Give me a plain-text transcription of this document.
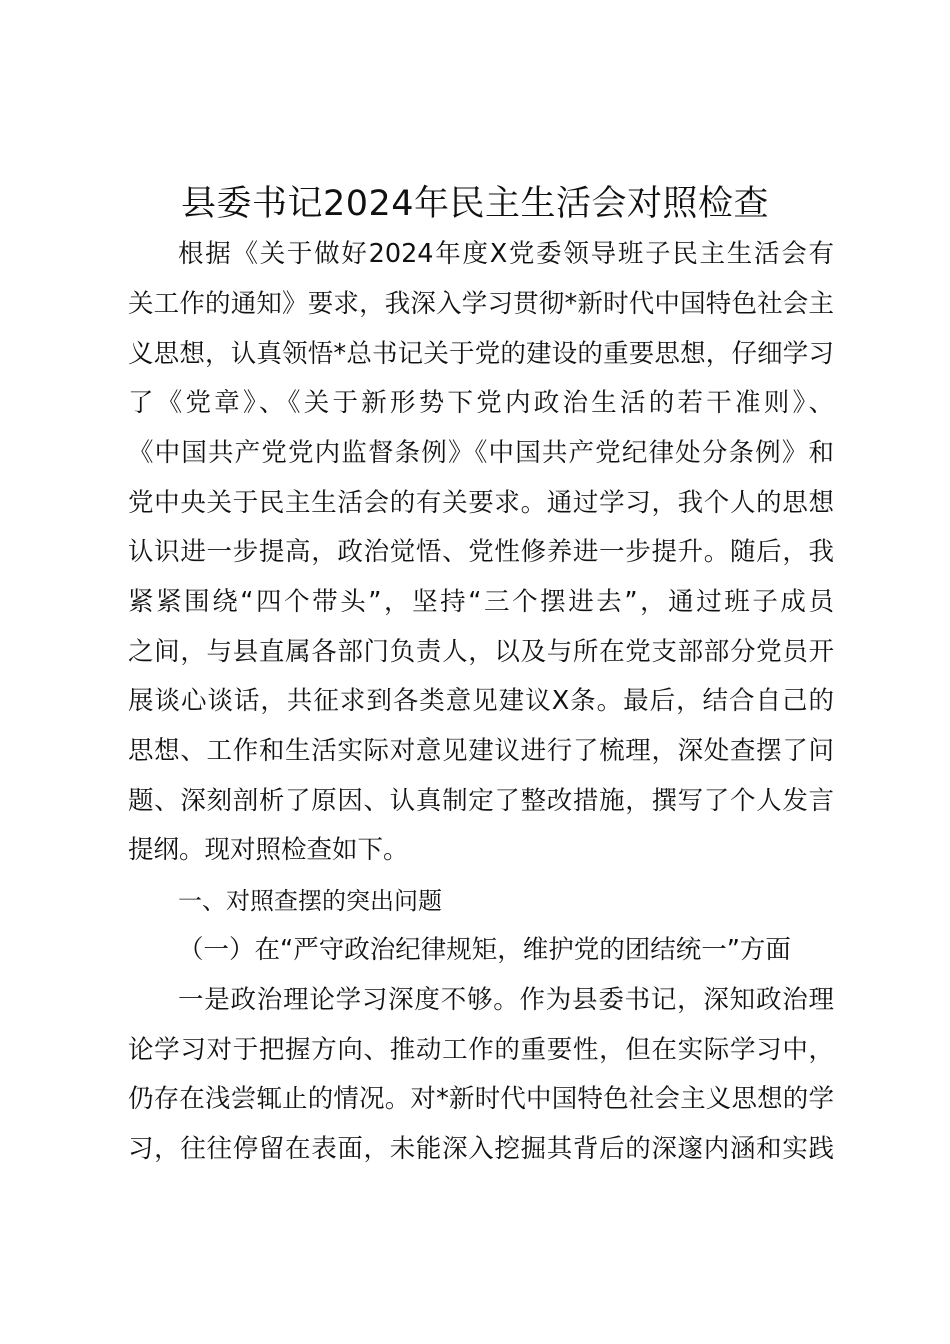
县委书记2024年民主生活会对照检查
根据《关于做好2024年度X党委领导班子民主生活会有
关工作的通知》要求，我深入学习贯彻*新时代中国特色社会主
义思想，认真领悟*总书记关于党的建设的重要思想，仔细学习
了《党章》、《关于新形势下党内政治生活的若干准则》、
《中国共产党党内监督条例》《中国共产党纪律处分条例》和
党中央关于民主生活会的有关要求。通过学习，我个人的思想
认识进一步提高，政治觉悟、党性修养进一步提升。随后，我
紧紧围绕“四个带头”，坚持“三个摆进去”，通过班子成员
之间，与县直属各部门负责人，以及与所在党支部部分党员开
展谈心谈话，共征求到各类意见建议X条。最后，结合自己的
思想、工作和生活实际对意见建议进行了梳理，深处查摆了问
题、深刻剖析了原因、认真制定了整改措施，撰写了个人发言
提纲。现对照检查如下。
一、对照查摆的突出问题
（一）在“严守政治纪律规矩，维护党的团结统一”方面
一是政治理论学习深度不够。作为县委书记，深知政治理
论学习对于把握方向、推动工作的重要性，但在实际学习中，
仍存在浅尝辄止的情况。对*新时代中国特色社会主义思想的学
习，往往停留在表面，未能深入挖掘其背后的深邃内涵和实践
